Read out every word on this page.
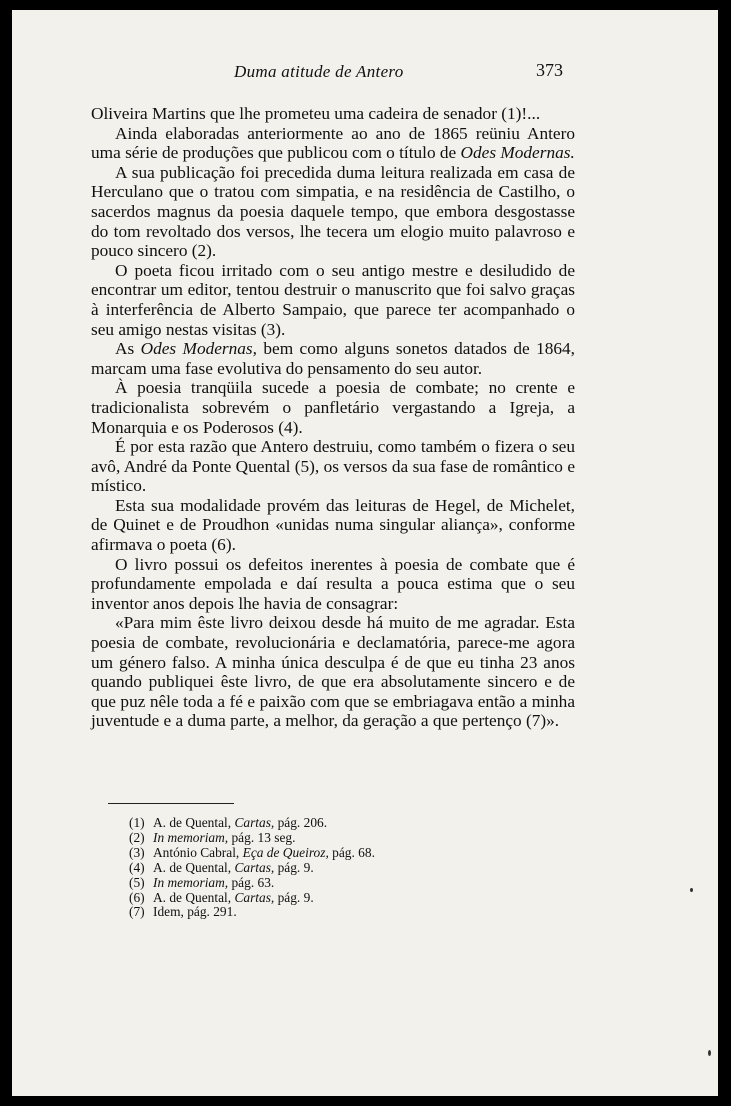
Duma atitude de Antero	373

Oliveira Martins que lhe prometeu uma cadeira de senador (1)!...

Ainda elaboradas anteriormente ao ano de 1865 reüniu Antero uma série de produções que publicou com o título de Odes Modernas.

A sua publicação foi precedida duma leitura realizada em casa de Herculano que o tratou com simpatia, e na residência de Castilho, o sacerdos magnus da poesia daquele tempo, que embora desgostasse do tom revoltado dos versos, lhe tecera um elogio muito palavroso e pouco sincero (2).

O poeta ficou irritado com o seu antigo mestre e desiludido de encontrar um editor, tentou destruir o manuscrito que foi salvo graças à interferência de Alberto Sampaio, que parece ter acompanhado o seu amigo nestas visitas (3).

As Odes Modernas, bem como alguns sonetos datados de 1864, marcam uma fase evolutiva do pensamento do seu autor.

À poesia tranqüila sucede a poesia de combate; no crente e tradicionalista sobrevém o panfletário vergastando a Igreja, a Monarquia e os Poderosos (4).

É por esta razão que Antero destruiu, como também o fizera o seu avô, André da Ponte Quental (5), os versos da sua fase de romântico e místico.

Esta sua modalidade provém das leituras de Hegel, de Michelet, de Quinet e de Proudhon «unidas numa singular aliança», conforme afirmava o poeta (6).

O livro possui os defeitos inerentes à poesia de combate que é profundamente empolada e daí resulta a pouca estima que o seu inventor anos depois lhe havia de consagrar:

«Para mim êste livro deixou desde há muito de me agradar. Esta poesia de combate, revolucionária e declamatória, parece-me agora um género falso. A minha única desculpa é de que eu tinha 23 anos quando publiquei êste livro, de que era absolutamente sincero e de que puz nêle toda a fé e paixão com que se embriagava então a minha juventude e a duma parte, a melhor, da geração a que pertenço (7)».

(1) A. de Quental, Cartas, pág. 206.
(2) In memoriam, pág. 13 seg.
(3) António Cabral, Eça de Queiroz, pág. 68.
(4) A. de Quental, Cartas, pág. 9.
(5) In memoriam, pág. 63.
(6) A. de Quental, Cartas, pág. 9.
(7) Idem, pág. 291.
